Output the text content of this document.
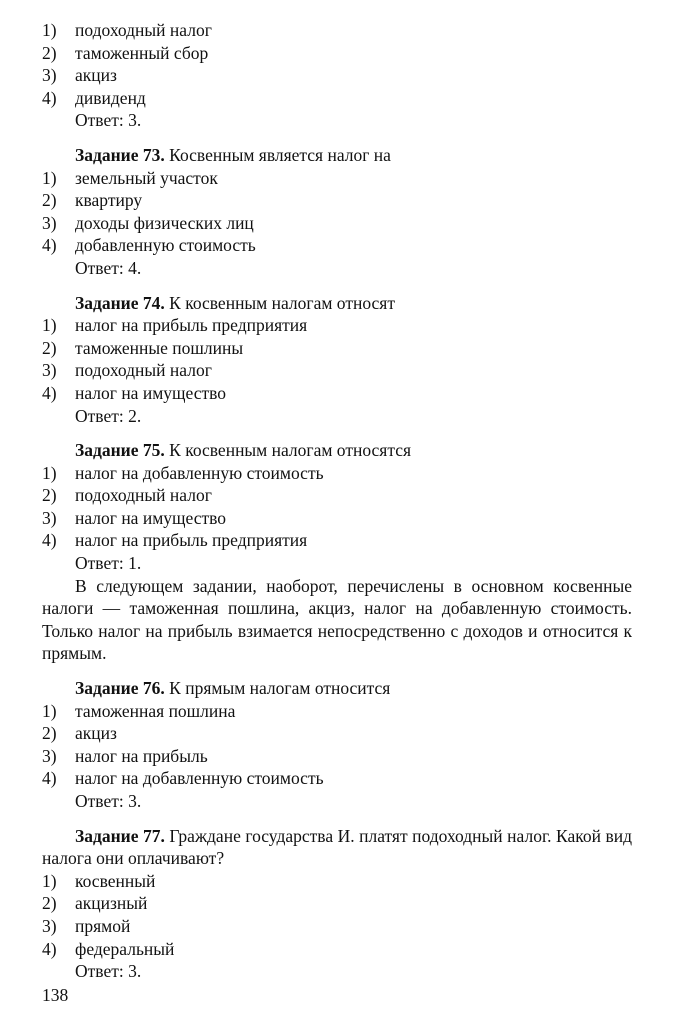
1) подоходный налог
2) таможенный сбор
3) акциз
4) дивиденд
Ответ: 3.
Задание 73. Косвенным является налог на
1) земельный участок
2) квартиру
3) доходы физических лиц
4) добавленную стоимость
Ответ: 4.
Задание 74. К косвенным налогам относят
1) налог на прибыль предприятия
2) таможенные пошлины
3) подоходный налог
4) налог на имущество
Ответ: 2.
Задание 75. К косвенным налогам относятся
1) налог на добавленную стоимость
2) подоходный налог
3) налог на имущество
4) налог на прибыль предприятия
Ответ: 1.
В следующем задании, наоборот, перечислены в основном косвенные налоги — таможенная пошлина, акциз, налог на добавленную стоимость. Только налог на прибыль взимается непосредственно с доходов и относится к прямым.
Задание 76. К прямым налогам относится
1) таможенная пошлина
2) акциз
3) налог на прибыль
4) налог на добавленную стоимость
Ответ: 3.
Задание 77. Граждане государства И. платят подоходный налог. Какой вид налога они оплачивают?
1) косвенный
2) акцизный
3) прямой
4) федеральный
Ответ: 3.
138
